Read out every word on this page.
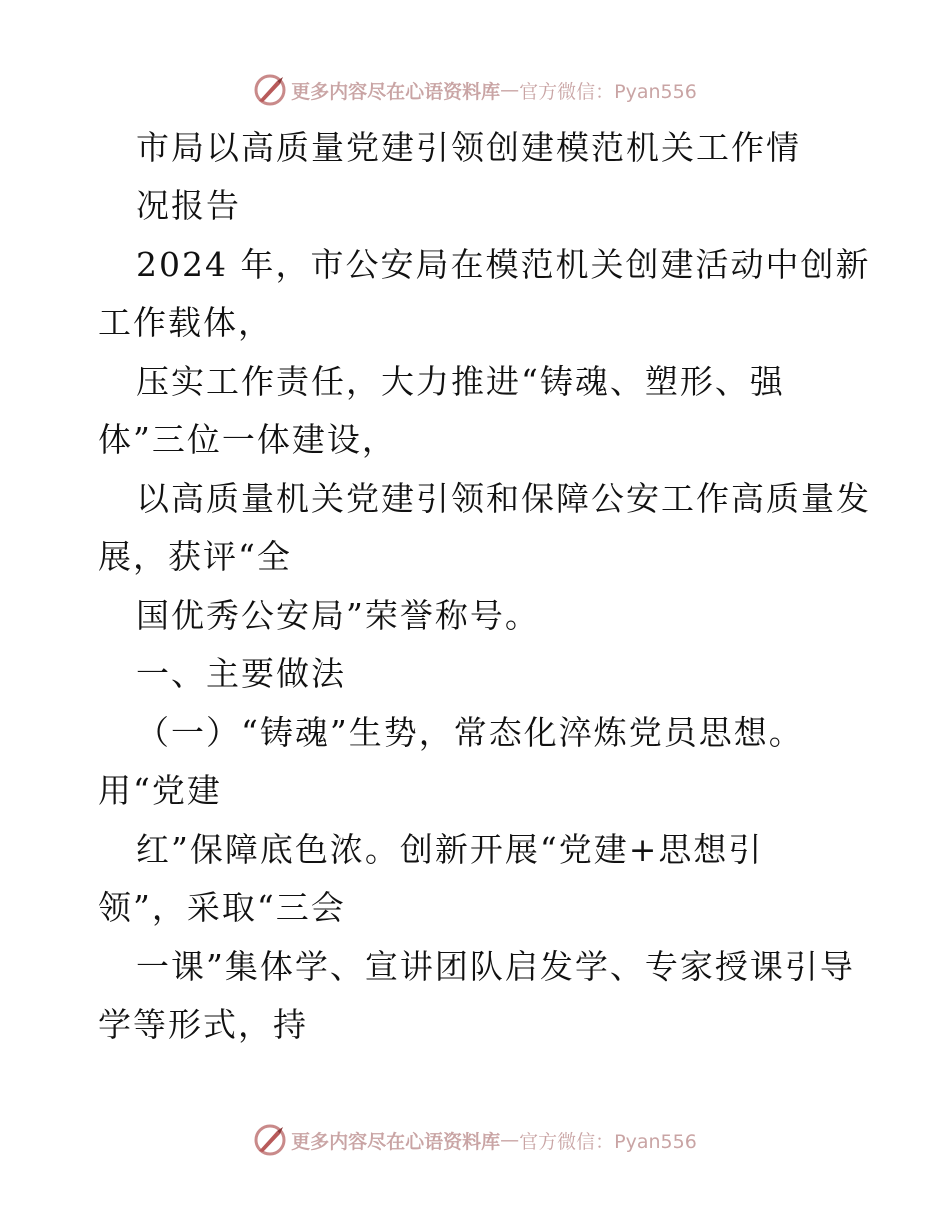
更多内容尽在心语资料库 — 官方微信：Pyan556
市局以高质量党建引领创建模范机关工作情
况报告
2024 年，市公安局在模范机关创建活动中创新
工作载体，
压实工作责任，大力推进“铸魂、塑形、强
体”三位一体建设，
以高质量机关党建引领和保障公安工作高质量发
展，获评“全
国优秀公安局”荣誉称号。
一、主要做法
（一）“铸魂”生势，常态化淬炼党员思想。
用“党建
红”保障底色浓。创新开展“党建+思想引
领”，采取“三会
一课”集体学、宣讲团队启发学、专家授课引导
学等形式，持
更多内容尽在心语资料库 — 官方微信：Pyan556
